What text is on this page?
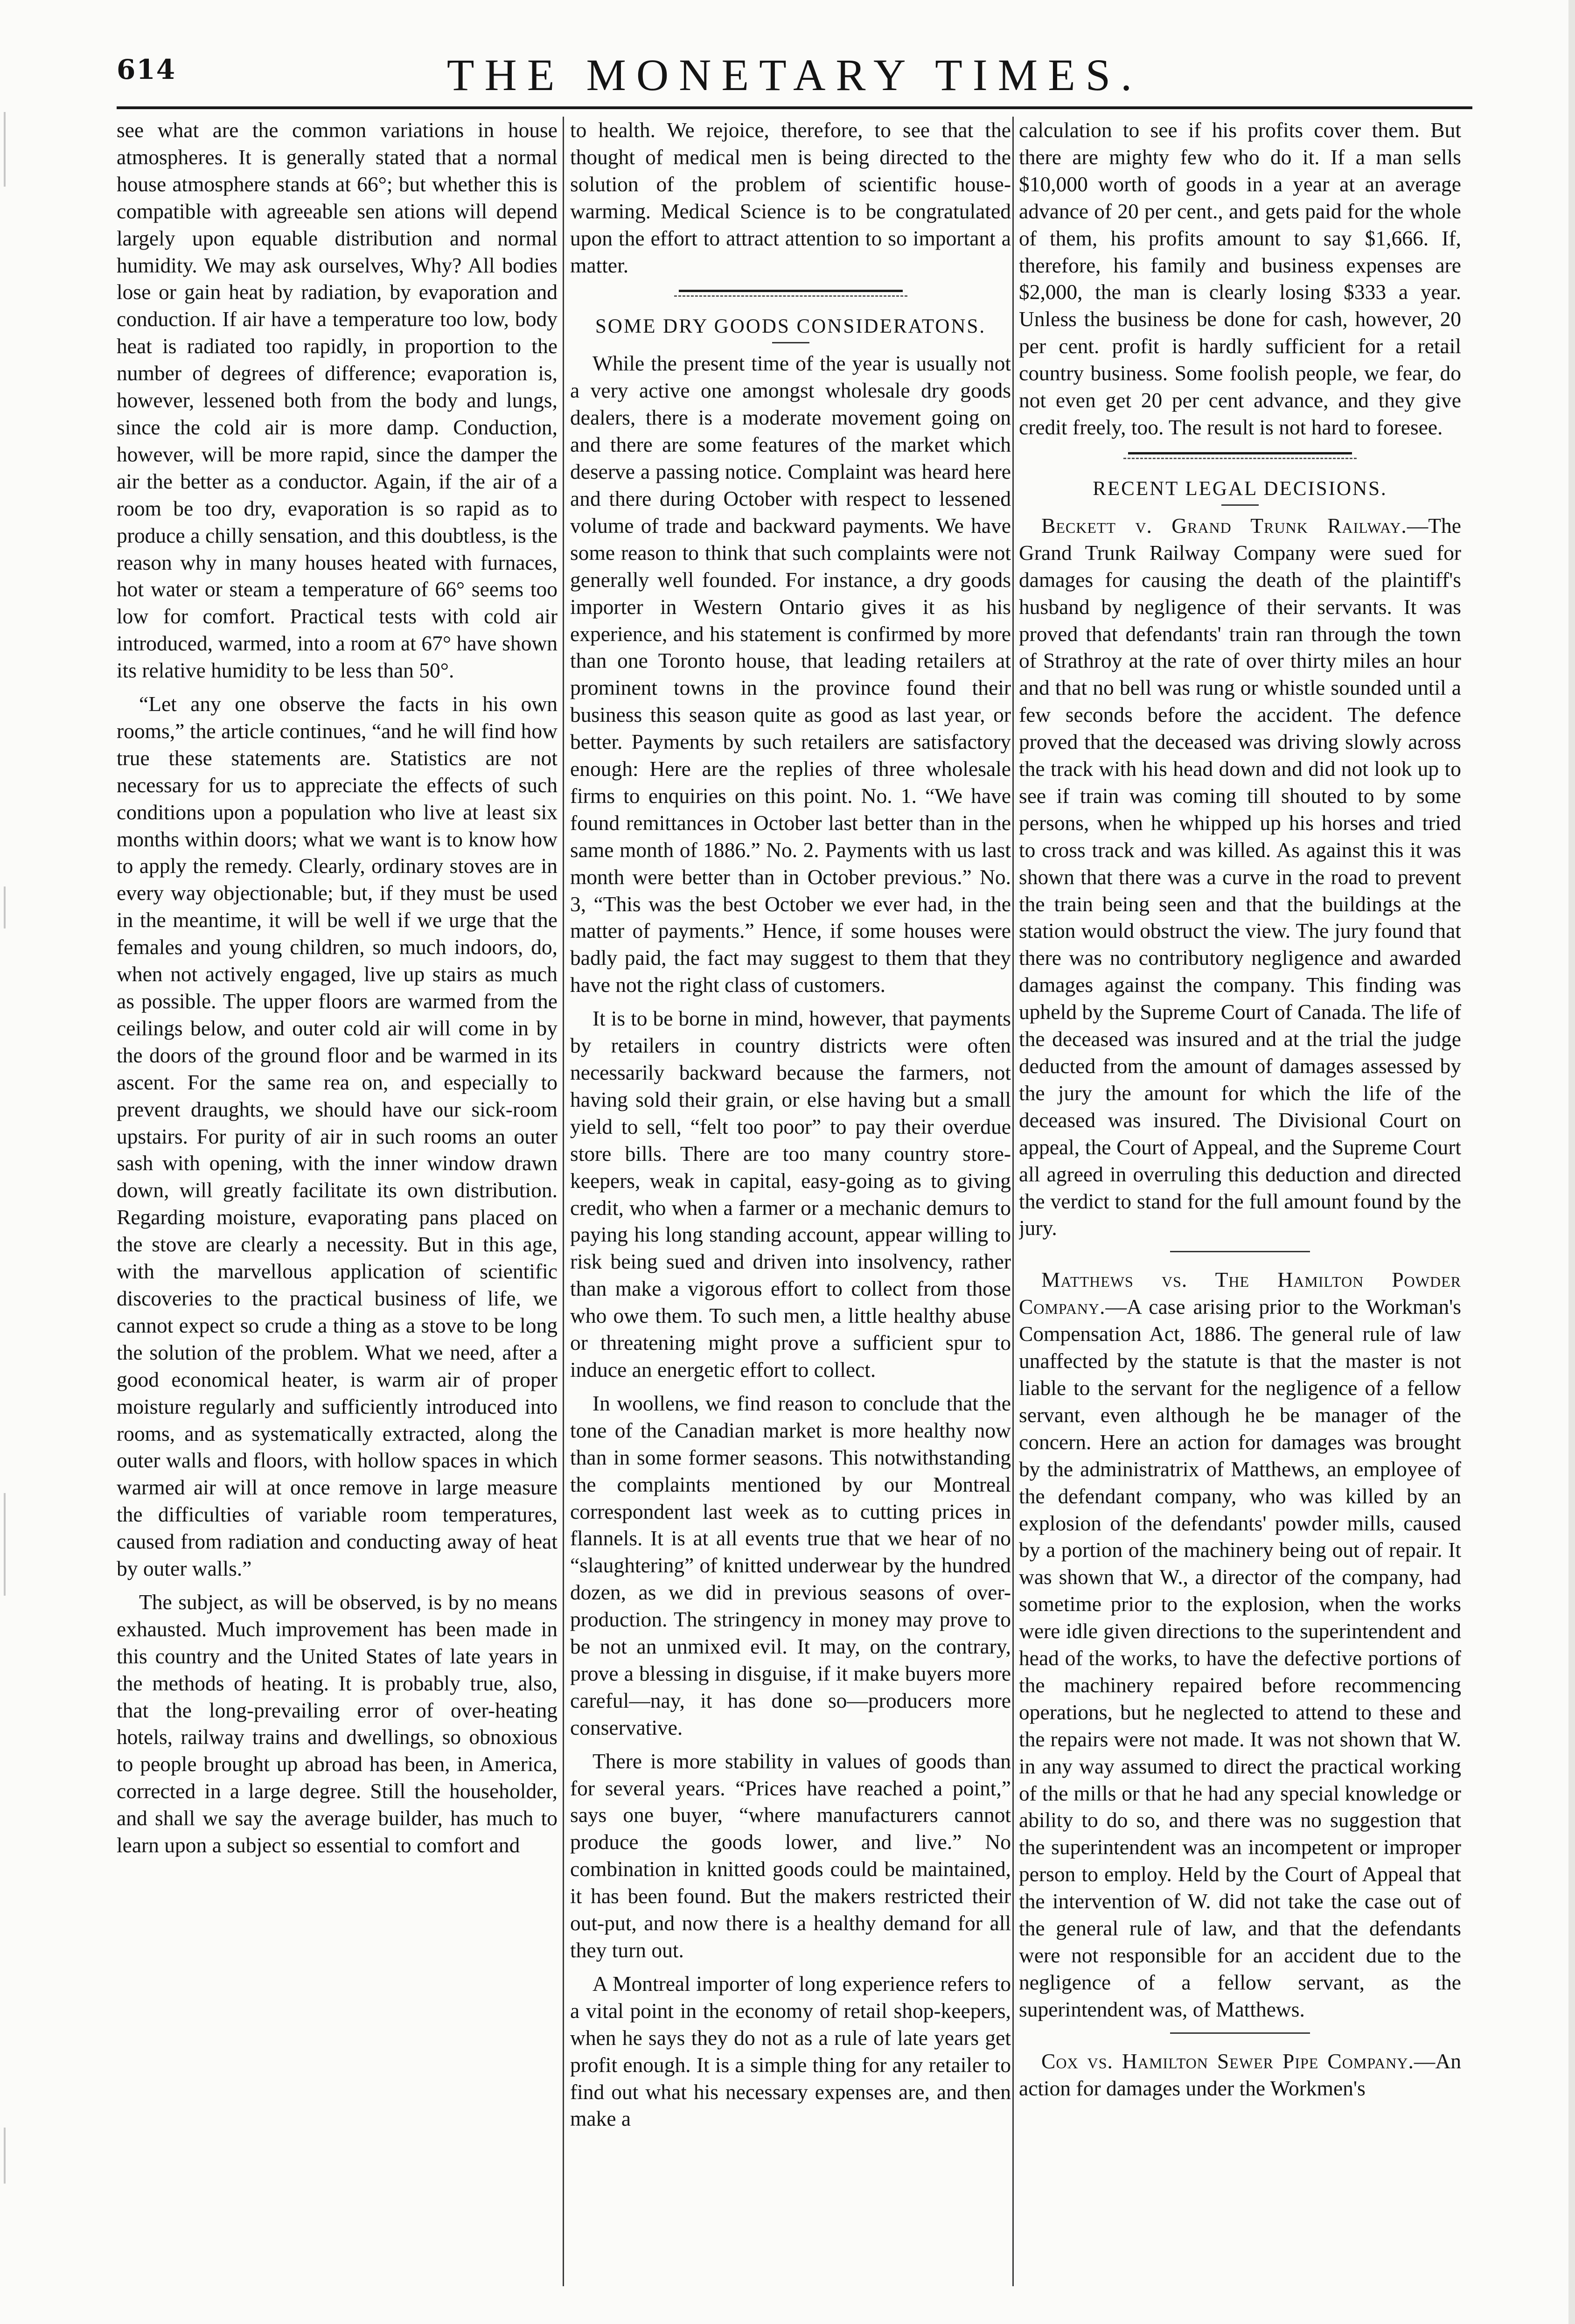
614	THE MONETARY TIMES.

see what are the common variations in house atmospheres. It is generally stated that a normal house atmosphere stands at 66°; but whether this is compatible with agreeable sen ations will depend largely upon equable distribution and normal humidity. We may ask ourselves, Why? All bodies lose or gain heat by radiation, by evaporation and conduction. If air have a temperature too low, body heat is radiated too rapidly, in proportion to the number of degrees of difference; evaporation is, however, lessened both from the body and lungs, since the cold air is more damp. Conduction, however, will be more rapid, since the damper the air the better as a conductor. Again, if the air of a room be too dry, evaporation is so rapid as to produce a chilly sensation, and this doubtless, is the reason why in many houses heated with furnaces, hot water or steam a temperature of 66° seems too low for comfort. Practical tests with cold air introduced, warmed, into a room at 67° have shown its relative humidity to be less than 50°.

“Let any one observe the facts in his own rooms,” the article continues, “and he will find how true these statements are. Statistics are not necessary for us to appreciate the effects of such conditions upon a population who live at least six months within doors; what we want is to know how to apply the remedy. Clearly, ordinary stoves are in every way objectionable; but, if they must be used in the meantime, it will be well if we urge that the females and young children, so much indoors, do, when not actively engaged, live up stairs as much as possible. The upper floors are warmed from the ceilings below, and outer cold air will come in by the doors of the ground floor and be warmed in its ascent. For the same rea on, and especially to prevent draughts, we should have our sick-room upstairs. For purity of air in such rooms an outer sash with opening, with the inner window drawn down, will greatly facilitate its own distribution. Regarding moisture, evaporating pans placed on the stove are clearly a necessity. But in this age, with the marvellous application of scientific discoveries to the practical business of life, we cannot expect so crude a thing as a stove to be long the solution of the problem. What we need, after a good economical heater, is warm air of proper moisture regularly and sufficiently introduced into rooms, and as systematically extracted, along the outer walls and floors, with hollow spaces in which warmed air will at once remove in large measure the difficulties of variable room temperatures, caused from radiation and conducting away of heat by outer walls.”

The subject, as will be observed, is by no means exhausted. Much improvement has been made in this country and the United States of late years in the methods of heating. It is probably true, also, that the long-prevailing error of over-heating hotels, railway trains and dwellings, so obnoxious to people brought up abroad has been, in America, corrected in a large degree. Still the householder, and shall we say the average builder, has much to learn upon a subject so essential to comfort and

to health. We rejoice, therefore, to see that the thought of medical men is being directed to the solution of the problem of scientific house-warming. Medical Science is to be congratulated upon the effort to attract attention to so important a matter.

SOME DRY GOODS CONSIDERATONS.

While the present time of the year is usually not a very active one amongst wholesale dry goods dealers, there is a moderate movement going on and there are some features of the market which deserve a passing notice. Complaint was heard here and there during October with respect to lessened volume of trade and backward payments. We have some reason to think that such complaints were not generally well founded. For instance, a dry goods importer in Western Ontario gives it as his experience, and his statement is confirmed by more than one Toronto house, that leading retailers at prominent towns in the province found their business this season quite as good as last year, or better. Payments by such retailers are satisfactory enough: Here are the replies of three wholesale firms to enquiries on this point. No. 1. “We have found remittances in October last better than in the same month of 1886.” No. 2. Payments with us last month were better than in October previous.” No. 3, “This was the best October we ever had, in the matter of payments.” Hence, if some houses were badly paid, the fact may suggest to them that they have not the right class of customers.

It is to be borne in mind, however, that payments by retailers in country districts were often necessarily backward because the farmers, not having sold their grain, or else having but a small yield to sell, “felt too poor” to pay their overdue store bills. There are too many country store-keepers, weak in capital, easy-going as to giving credit, who when a farmer or a mechanic demurs to paying his long standing account, appear willing to risk being sued and driven into insolvency, rather than make a vigorous effort to collect from those who owe them. To such men, a little healthy abuse or threatening might prove a sufficient spur to induce an energetic effort to collect.

In woollens, we find reason to conclude that the tone of the Canadian market is more healthy now than in some former seasons. This notwithstanding the complaints mentioned by our Montreal correspondent last week as to cutting prices in flannels. It is at all events true that we hear of no “slaughtering” of knitted underwear by the hundred dozen, as we did in previous seasons of over-production. The stringency in money may prove to be not an unmixed evil. It may, on the contrary, prove a blessing in disguise, if it make buyers more careful—nay, it has done so—producers more conservative.

There is more stability in values of goods than for several years. “Prices have reached a point,” says one buyer, “where manufacturers cannot produce the goods lower, and live.” No combination in knitted goods could be maintained, it has been found. But the makers restricted their out-put, and now there is a healthy demand for all they turn out.

A Montreal importer of long experience refers to a vital point in the economy of retail shop-keepers, when he says they do not as a rule of late years get profit enough. It is a simple thing for any retailer to find out what his necessary expenses are, and then make a

calculation to see if his profits cover them. But there are mighty few who do it. If a man sells $10,000 worth of goods in a year at an average advance of 20 per cent., and gets paid for the whole of them, his profits amount to say $1,666. If, therefore, his family and business expenses are $2,000, the man is clearly losing $333 a year. Unless the business be done for cash, however, 20 per cent. profit is hardly sufficient for a retail country business. Some foolish people, we fear, do not even get 20 per cent advance, and they give credit freely, too. The result is not hard to foresee.

RECENT LEGAL DECISIONS.

Beckett v. Grand Trunk Railway.—The Grand Trunk Railway Company were sued for damages for causing the death of the plaintiff's husband by negligence of their servants. It was proved that defendants' train ran through the town of Strathroy at the rate of over thirty miles an hour and that no bell was rung or whistle sounded until a few seconds before the accident. The defence proved that the deceased was driving slowly across the track with his head down and did not look up to see if train was coming till shouted to by some persons, when he whipped up his horses and tried to cross track and was killed. As against this it was shown that there was a curve in the road to prevent the train being seen and that the buildings at the station would obstruct the view. The jury found that there was no contributory negligence and awarded damages against the company. This finding was upheld by the Supreme Court of Canada. The life of the deceased was insured and at the trial the judge deducted from the amount of damages assessed by the jury the amount for which the life of the deceased was insured. The Divisional Court on appeal, the Court of Appeal, and the Supreme Court all agreed in overruling this deduction and directed the verdict to stand for the full amount found by the jury.

Matthews vs. The Hamilton Powder Company.—A case arising prior to the Workman's Compensation Act, 1886. The general rule of law unaffected by the statute is that the master is not liable to the servant for the negligence of a fellow servant, even although he be manager of the concern. Here an action for damages was brought by the administratrix of Matthews, an employee of the defendant company, who was killed by an explosion of the defendants' powder mills, caused by a portion of the machinery being out of repair. It was shown that W., a director of the company, had sometime prior to the explosion, when the works were idle given directions to the superintendent and head of the works, to have the defective portions of the machinery repaired before recommencing operations, but he neglected to attend to these and the repairs were not made. It was not shown that W. in any way assumed to direct the practical working of the mills or that he had any special knowledge or ability to do so, and there was no suggestion that the superintendent was an incompetent or improper person to employ. Held by the Court of Appeal that the intervention of W. did not take the case out of the general rule of law, and that the defendants were not responsible for an accident due to the negligence of a fellow servant, as the superintendent was, of Matthews.

Cox vs. Hamilton Sewer Pipe Company.—An action for damages under the Workmen's
